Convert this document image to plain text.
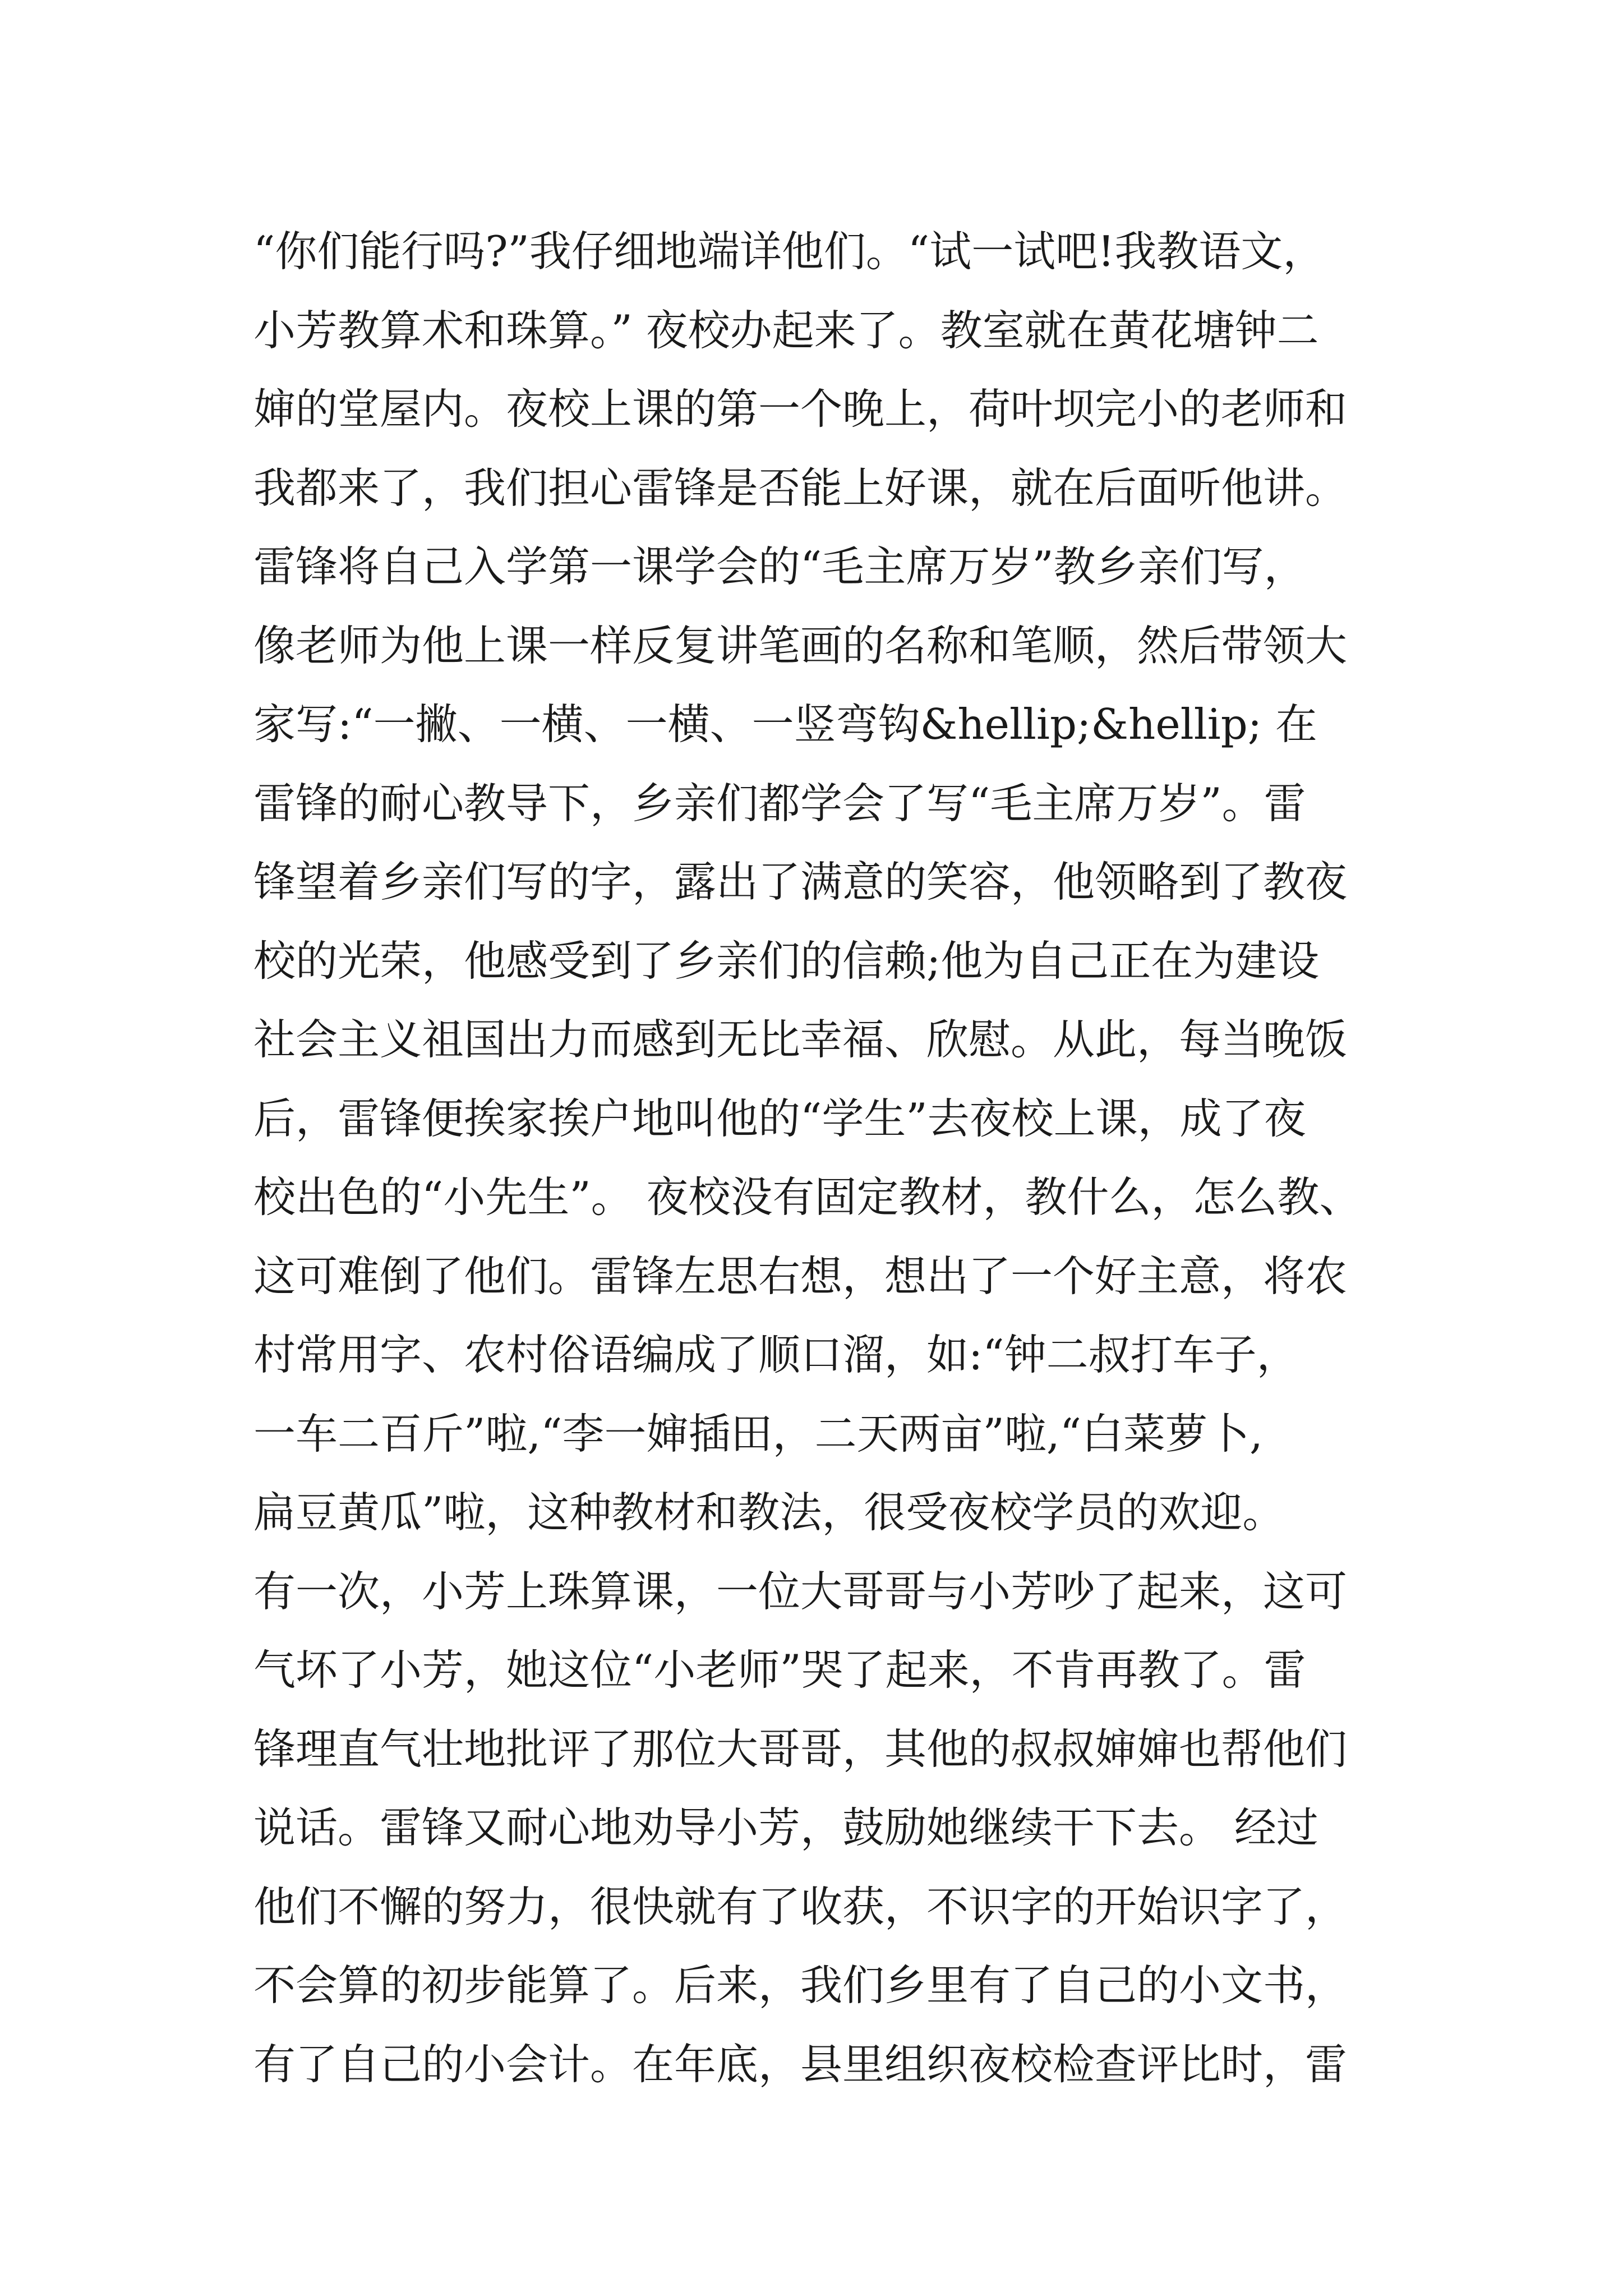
“你们能行吗?”我仔细地端详他们。“试一试吧!我教语文，
小芳教算术和珠算。” 夜校办起来了。教室就在黄花塘钟二
婶的堂屋内。夜校上课的第一个晚上，荷叶坝完小的老师和
我都来了，我们担心雷锋是否能上好课，就在后面听他讲。
雷锋将自己入学第一课学会的“毛主席万岁”教乡亲们写，
像老师为他上课一样反复讲笔画的名称和笔顺，然后带领大
家写:“一撇、一横、一横、一竖弯钩&hellip;&hellip; 在
雷锋的耐心教导下，乡亲们都学会了写“毛主席万岁”。雷
锋望着乡亲们写的字，露出了满意的笑容，他领略到了教夜
校的光荣，他感受到了乡亲们的信赖;他为自己正在为建设
社会主义祖国出力而感到无比幸福、欣慰。从此，每当晚饭
后，雷锋便挨家挨户地叫他的“学生”去夜校上课，成了夜
校出色的“小先生”。 夜校没有固定教材，教什么，怎么教、
这可难倒了他们。雷锋左思右想，想出了一个好主意，将农
村常用字、农村俗语编成了顺口溜，如:“钟二叔打车子，
一车二百斤”啦,“李一婶插田，二天两亩”啦,“白菜萝卜,
扁豆黄瓜”啦，这种教材和教法，很受夜校学员的欢迎。
有一次，小芳上珠算课，一位大哥哥与小芳吵了起来，这可
气坏了小芳，她这位“小老师”哭了起来，不肯再教了。雷
锋理直气壮地批评了那位大哥哥，其他的叔叔婶婶也帮他们
说话。雷锋又耐心地劝导小芳，鼓励她继续干下去。 经过
他们不懈的努力，很快就有了收获，不识字的开始识字了，
不会算的初步能算了。后来，我们乡里有了自己的小文书，
有了自己的小会计。在年底，县里组织夜校检查评比时，雷
